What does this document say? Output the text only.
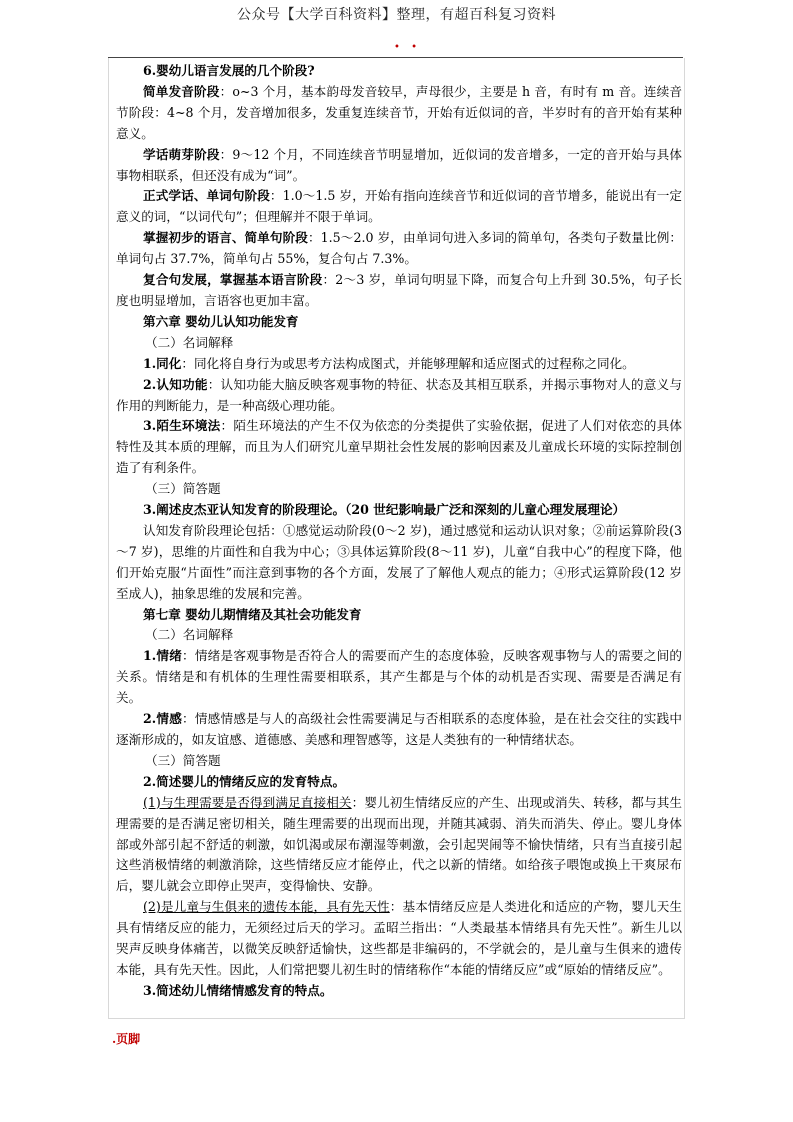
公众号【大学百科资料】整理，有超百科复习资料
• •

6.婴幼儿语言发展的几个阶段?

简单发音阶段：o~3 个月，基本韵母发音较早，声母很少，主要是 h 音，有时有 m 音。连续音节阶段：4~8 个月，发音增加很多，发重复连续音节，开始有近似词的音，半岁时有的音开始有某种意义。

学话萌芽阶段：9～12 个月，不同连续音节明显增加，近似词的发音增多，一定的音开始与具体事物相联系，但还没有成为“词”。

正式学话、单词句阶段：1.0～1.5 岁，开始有指向连续音节和近似词的音节增多，能说出有一定意义的词，“以词代句”；但理解并不限于单词。

掌握初步的语言、简单句阶段：1.5～2.0 岁，由单词句进入多词的简单句，各类句子数量比例：单词句占 37.7%，简单句占 55%，复合句占 7.3%。

复合句发展，掌握基本语言阶段：2～3 岁，单词句明显下降，而复合句上升到 30.5%，句子长度也明显增加，言语容也更加丰富。

第六章 婴幼儿认知功能发育

（二）名词解释

1.同化：同化将自身行为或思考方法构成图式，并能够理解和适应图式的过程称之同化。

2.认知功能：认知功能大脑反映客观事物的特征、状态及其相互联系，并揭示事物对人的意义与作用的判断能力，是一种高级心理功能。

3.陌生环境法：陌生环境法的产生不仅为依恋的分类提供了实验依据，促进了人们对依恋的具体特性及其本质的理解，而且为人们研究儿童早期社会性发展的影响因素及儿童成长环境的实际控制创造了有利条件。

（三）简答题

3.阐述皮杰亚认知发育的阶段理论。（20 世纪影响最广泛和深刻的儿童心理发展理论）

认知发育阶段理论包括：①感觉运动阶段(0～2 岁)，通过感觉和运动认识对象；②前运算阶段(3～7 岁)，思维的片面性和自我为中心；③具体运算阶段(8～11 岁)，儿童“自我中心”的程度下降，他们开始克服“片面性”而注意到事物的各个方面，发展了了解他人观点的能力；④形式运算阶段(12 岁至成人)，抽象思维的发展和完善。

第七章 婴幼儿期情绪及其社会功能发育

（二）名词解释

1.情绪：情绪是客观事物是否符合人的需要而产生的态度体验，反映客观事物与人的需要之间的关系。情绪是和有机体的生理性需要相联系，其产生都是与个体的动机是否实现、需要是否满足有关。

2.情感：情感情感是与人的高级社会性需要满足与否相联系的态度体验，是在社会交往的实践中逐渐形成的，如友谊感、道德感、美感和理智感等，这是人类独有的一种情绪状态。

（三）简答题

2.简述婴儿的情绪反应的发育特点。

(1)与生理需要是否得到满足直接相关：婴儿初生情绪反应的产生、出现或消失、转移，都与其生理需要的是否满足密切相关，随生理需要的出现而出现，并随其减弱、消失而消失、停止。婴儿身体部或外部引起不舒适的刺激，如饥渴或尿布潮湿等刺激，会引起哭闹等不愉快情绪，只有当直接引起这些消极情绪的刺激消除，这些情绪反应才能停止，代之以新的情绪。如给孩子喂饱或换上干爽尿布后，婴儿就会立即停止哭声，变得愉快、安静。

(2)是儿童与生俱来的遗传本能，具有先天性：基本情绪反应是人类进化和适应的产物，婴儿天生具有情绪反应的能力，无须经过后天的学习。孟昭兰指出：“人类最基本情绪具有先天性”。新生儿以哭声反映身体痛苦，以微笑反映舒适愉快，这些都是非编码的，不学就会的，是儿童与生俱来的遗传本能，具有先天性。因此，人们常把婴儿初生时的情绪称作“本能的情绪反应”或“原始的情绪反应”。

3.简述幼儿情绪情感发育的特点。

.页脚
